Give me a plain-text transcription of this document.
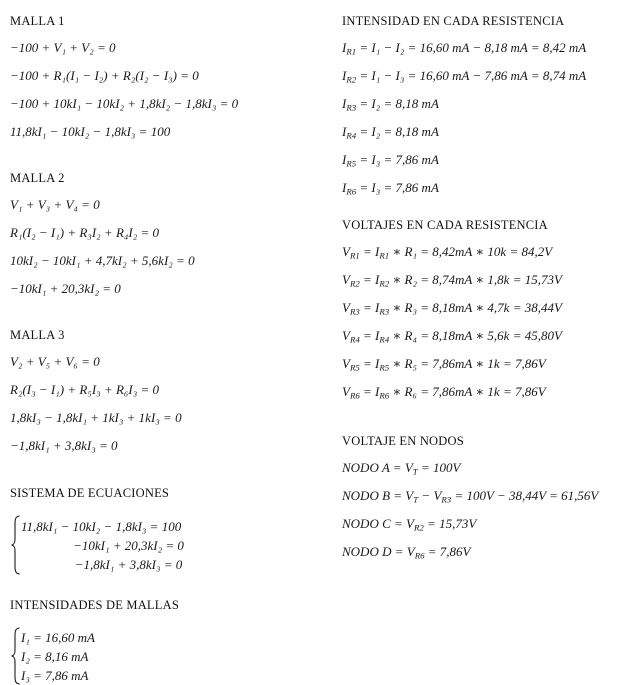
MALLA 1
−100 + V₁ + V₂ = 0
−100 + R₁(I₁ − I₂) + R₂(I₂ − I₃) = 0
−100 + 10kI₁ − 10kI₂ + 1,8kI₂ − 1,8kI₃ = 0
11,8kI₁ − 10kI₂ − 1,8kI₃ = 100
MALLA 2
V₁ + V₃ + V₄ = 0
R₁(I₂ − I₁) + R₃I₂ + R₄I₂ = 0
10kI₂ − 10kI₁ + 4,7kI₂ + 5,6kI₂ = 0
−10kI₁ + 20,3kI₂ = 0
MALLA 3
V₂ + V₅ + V₆ = 0
R₂(I₃ − I₁) + R₅I₃ + R₆I₃ = 0
1,8kI₃ − 1,8kI₁ + 1kI₃ + 1kI₃ = 0
−1,8kI₁ + 3,8kI₃ = 0
SISTEMA DE ECUACIONES
11,8kI₁ − 10kI₂ − 1,8kI₃ = 100
−10kI₁ + 20,3kI₂ = 0
−1,8kI₁ + 3,8kI₃ = 0
INTENSIDADES DE MALLAS
I₁ = 16,60 mA
I₂ = 8,16 mA
I₃ = 7,86 mA
INTENSIDAD EN CADA RESISTENCIA
$I_{R1} = I_1 - I_2 = 16,60$ mA − 8,18 mA = 8,42 mA
$I_{R2} = I_1 - I_3 = 16,60$ mA − 7,86 mA = 8,74 mA
$I_{R3} = I_2 = 8,18$ mA
$I_{R4} = I_2 = 8,18$ mA
$I_{R5} = I_3 = 7,86$ mA
$I_{R6} = I_3 = 7,86$ mA
VOLTAJES EN CADA RESISTENCIA
$V_{R1} = I_{R1}$ ∗ R₁ = 8,42mA ∗ 10k = 84,2V
$V_{R2} = I_{R2}$ ∗ R₂ = 8,74mA ∗ 1,8k = 15,73V
$V_{R3} = I_{R3}$ ∗ R₃ = 8,18mA ∗ 4,7k = 38,44V
$V_{R4} = I_{R4}$ ∗ R₄ = 8,18mA ∗ 5,6k = 45,80V
$V_{R5} = I_{R5}$ ∗ R₅ = 7,86mA ∗ 1k = 7,86V
$V_{R6} = I_{R6}$ ∗ R₆ = 7,86mA ∗ 1k = 7,86V
VOLTAJE EN NODOS
NODO $A = V_T = 100V$
NODO $B = V_T - V_{R3} = 100V - 38,44V = 61,56V$
NODO $C = V_{R2} = 15,73V$
NODO $D = V_{R6} = 7,86V$
